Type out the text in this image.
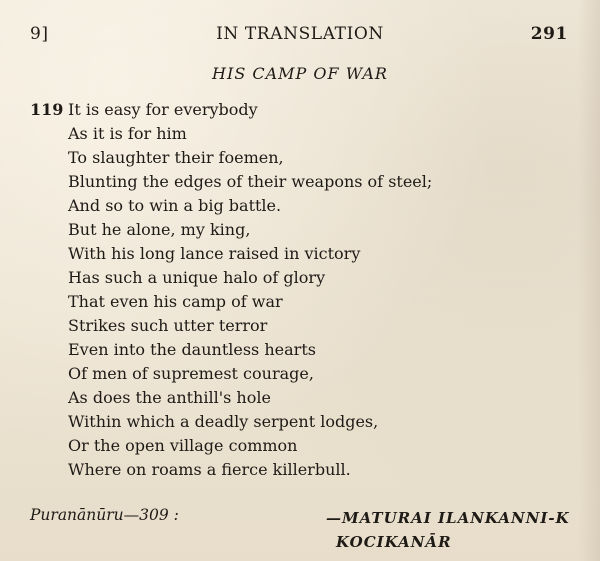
9]	IN TRANSLATION	291
HIS CAMP OF WAR
119 It is easy for everybody
As it is for him
To slaughter their foemen,
Blunting the edges of their weapons of steel;
And so to win a big battle.
But he alone, my king,
With his long lance raised in victory
Has such a unique halo of glory
That even his camp of war
Strikes such utter terror
Even into the dauntless hearts
Of men of supremest courage,
As does the anthill's hole
Within which a deadly serpent lodges,
Or the open village common
Where on roams a fierce killerbull.
Puranānūru—309 :	—MATURAI ILANKANNI-K
KOCIKANĀR
